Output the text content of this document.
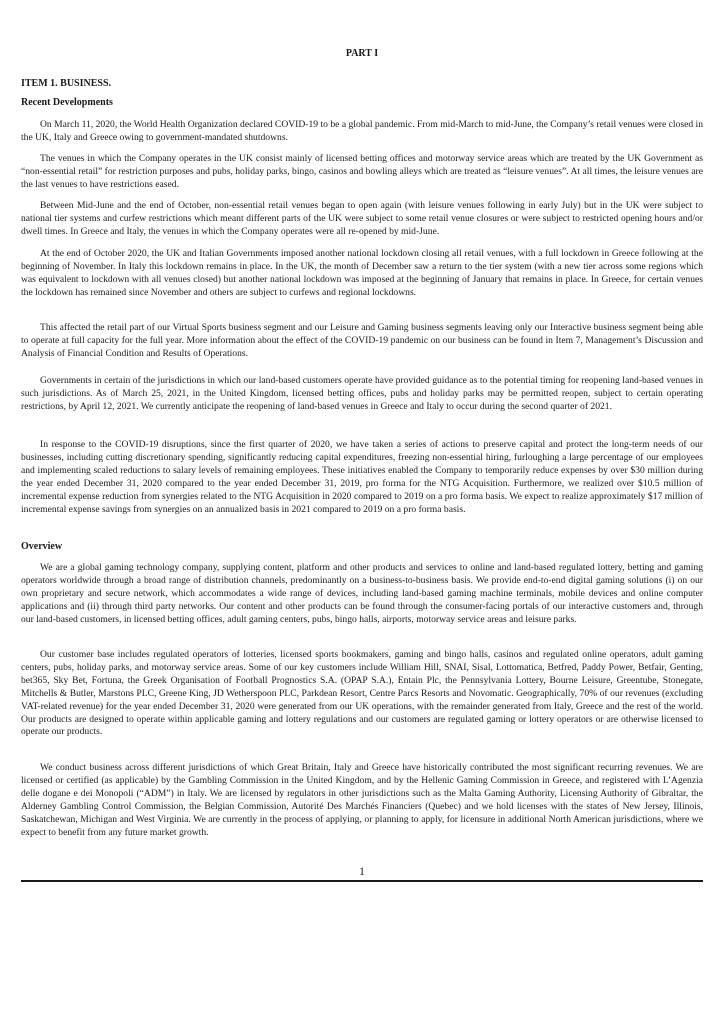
PART I
ITEM 1. BUSINESS.
Recent Developments

On March 11, 2020, the World Health Organization declared COVID-19 to be a global pandemic. From mid-March to mid-June, the Company’s retail venues were closed in the UK, Italy and Greece owing to government-mandated shutdowns.

The venues in which the Company operates in the UK consist mainly of licensed betting offices and motorway service areas which are treated by the UK Government as “non-essential retail” for restriction purposes and pubs, holiday parks, bingo, casinos and bowling alleys which are treated as “leisure venues”. At all times, the leisure venues are the last venues to have restrictions eased.

Between Mid-June and the end of October, non-essential retail venues began to open again (with leisure venues following in early July) but in the UK were subject to national tier systems and curfew restrictions which meant different parts of the UK were subject to some retail venue closures or were subject to restricted opening hours and/or dwell times. In Greece and Italy, the venues in which the Company operates were all re-opened by mid-June.

At the end of October 2020, the UK and Italian Governments imposed another national lockdown closing all retail venues, with a full lockdown in Greece following at the beginning of November. In Italy this lockdown remains in place. In the UK, the month of December saw a return to the tier system (with a new tier across some regions which was equivalent to lockdown with all venues closed) but another national lockdown was imposed at the beginning of January that remains in place. In Greece, for certain venues the lockdown has remained since November and others are subject to curfews and regional lockdowns.

This affected the retail part of our Virtual Sports business segment and our Leisure and Gaming business segments leaving only our Interactive business segment being able to operate at full capacity for the full year. More information about the effect of the COVID-19 pandemic on our business can be found in Item 7, Management’s Discussion and Analysis of Financial Condition and Results of Operations.

Governments in certain of the jurisdictions in which our land-based customers operate have provided guidance as to the potential timing for reopening land-based venues in such jurisdictions. As of March 25, 2021, in the United Kingdom, licensed betting offices, pubs and holiday parks may be permitted reopen, subject to certain operating restrictions, by April 12, 2021. We currently anticipate the reopening of land-based venues in Greece and Italy to occur during the second quarter of 2021.

In response to the COVID-19 disruptions, since the first quarter of 2020, we have taken a series of actions to preserve capital and protect the long-term needs of our businesses, including cutting discretionary spending, significantly reducing capital expenditures, freezing non-essential hiring, furloughing a large percentage of our employees and implementing scaled reductions to salary levels of remaining employees. These initiatives enabled the Company to temporarily reduce expenses by over $30 million during the year ended December 31, 2020 compared to the year ended December 31, 2019, pro forma for the NTG Acquisition. Furthermore, we realized over $10.5 million of incremental expense reduction from synergies related to the NTG Acquisition in 2020 compared to 2019 on a pro forma basis. We expect to realize approximately $17 million of incremental expense savings from synergies on an annualized basis in 2021 compared to 2019 on a pro forma basis.

Overview

We are a global gaming technology company, supplying content, platform and other products and services to online and land-based regulated lottery, betting and gaming operators worldwide through a broad range of distribution channels, predominantly on a business-to-business basis. We provide end-to-end digital gaming solutions (i) on our own proprietary and secure network, which accommodates a wide range of devices, including land-based gaming machine terminals, mobile devices and online computer applications and (ii) through third party networks. Our content and other products can be found through the consumer-facing portals of our interactive customers and, through our land-based customers, in licensed betting offices, adult gaming centers, pubs, bingo halls, airports, motorway service areas and leisure parks.

Our customer base includes regulated operators of lotteries, licensed sports bookmakers, gaming and bingo halls, casinos and regulated online operators, adult gaming centers, pubs, holiday parks, and motorway service areas. Some of our key customers include William Hill, SNAI, Sisal, Lottomatica, Betfred, Paddy Power, Betfair, Genting, bet365, Sky Bet, Fortuna, the Greek Organisation of Football Prognostics S.A. (OPAP S.A.), Entain Plc, the Pennsylvania Lottery, Bourne Leisure, Greentube, Stonegate, Mitchells & Butler, Marstons PLC, Greene King, JD Wetherspoon PLC, Parkdean Resort, Centre Parcs Resorts and Novomatic. Geographically, 70% of our revenues (excluding VAT-related revenue) for the year ended December 31, 2020 were generated from our UK operations, with the remainder generated from Italy, Greece and the rest of the world. Our products are designed to operate within applicable gaming and lottery regulations and our customers are regulated gaming or lottery operators or are otherwise licensed to operate our products.

We conduct business across different jurisdictions of which Great Britain, Italy and Greece have historically contributed the most significant recurring revenues. We are licensed or certified (as applicable) by the Gambling Commission in the United Kingdom, and by the Hellenic Gaming Commission in Greece, and registered with L’Agenzia delle dogane e dei Monopoli (“ADM”) in Italy. We are licensed by regulators in other jurisdictions such as the Malta Gaming Authority, Licensing Authority of Gibraltar, the Alderney Gambling Control Commission, the Belgian Commission, Autorité Des Marchés Financiers (Quebec) and we hold licenses with the states of New Jersey, Illinois, Saskatchewan, Michigan and West Virginia. We are currently in the process of applying, or planning to apply, for licensure in additional North American jurisdictions, where we expect to benefit from any future market growth.

1
